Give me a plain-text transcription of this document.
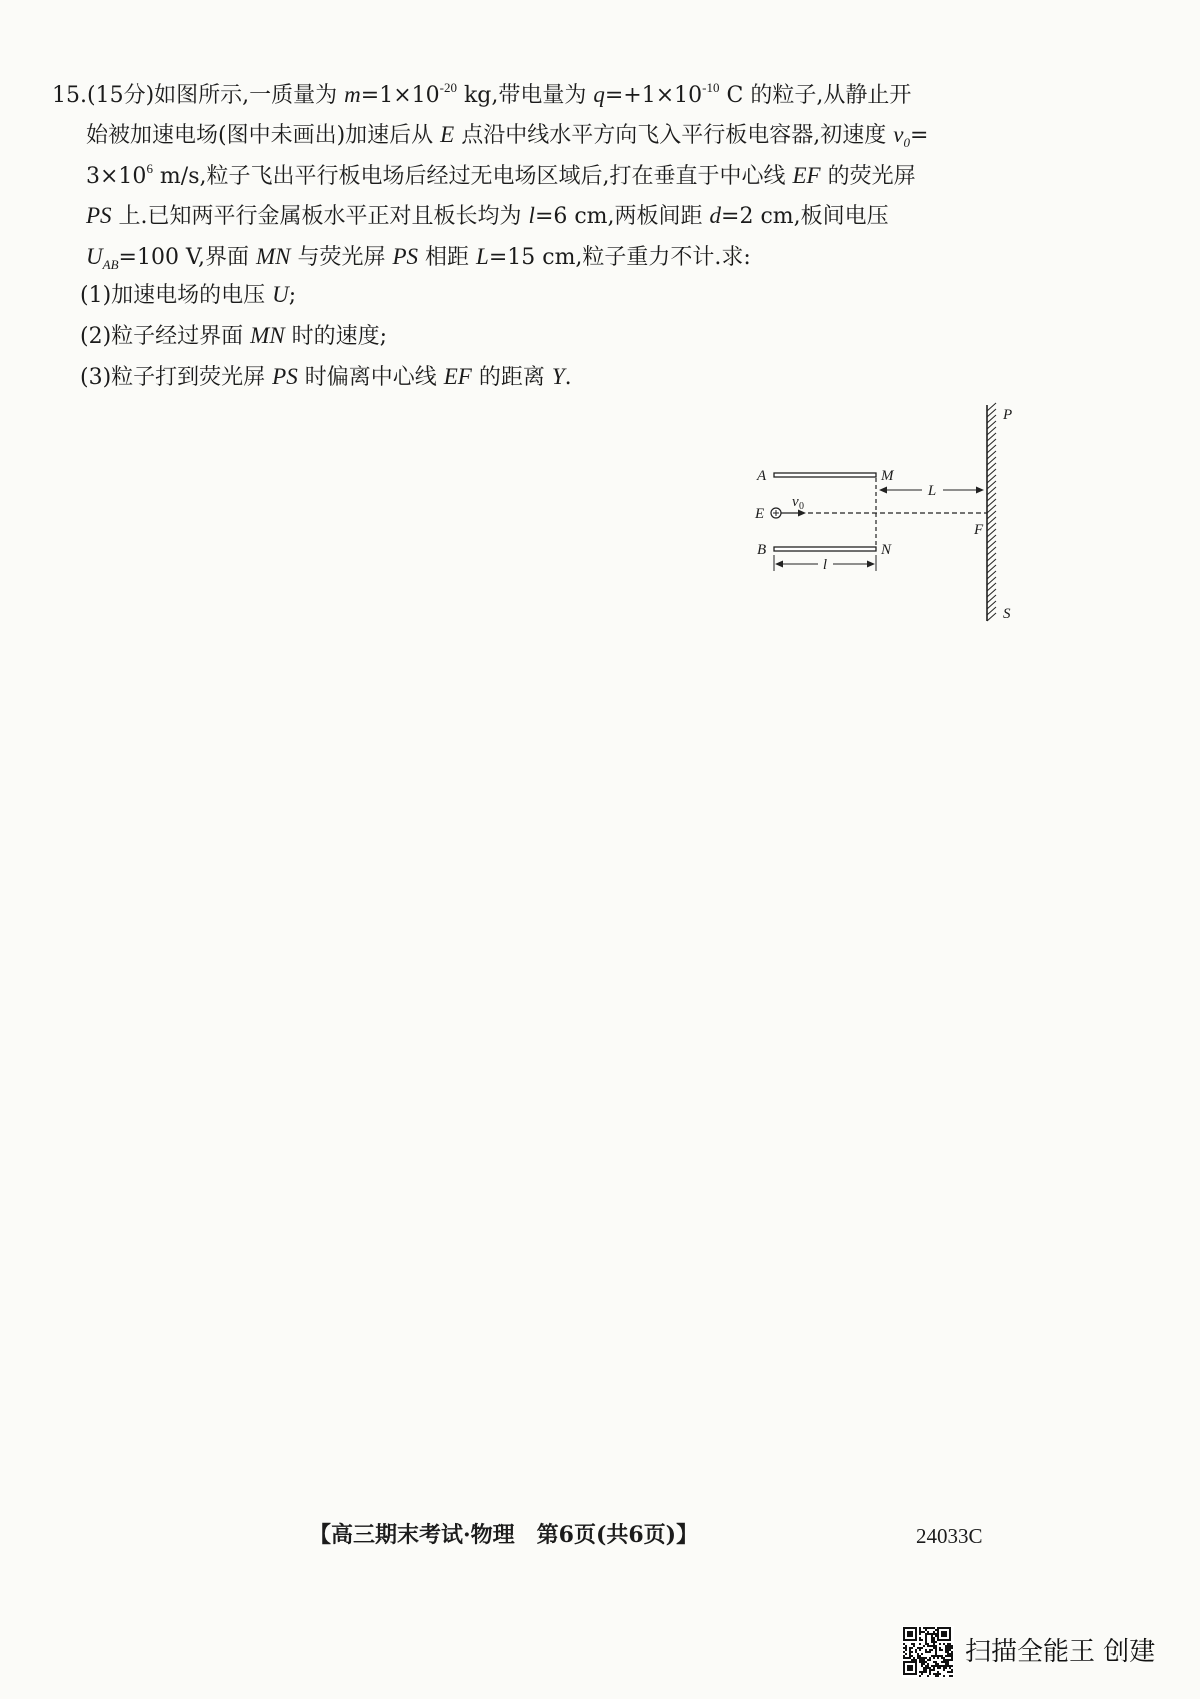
15.(15分)如图所示,一质量为 $m=1\times 10^{-20}$ kg,带电量为 $q=+1\times 10^{-10}$ C 的粒子,从静止开
始被加速电场(图中未画出)加速后从 E 点沿中线水平方向飞入平行板电容器,初速度 $v_0=$
$3\times 10^6$ m/s,粒子飞出平行板电场后经过无电场区域后,打在垂直于中心线 EF 的荧光屏
PS 上.已知两平行金属板水平正对且板长均为 l=6 cm,两板间距 d=2 cm,板间电压
$U_{AB}=100$ V,界面 MN 与荧光屏 PS 相距 L=15 cm,粒子重力不计.求:
(1)加速电场的电压 U;
(2)粒子经过界面 MN 时的速度;
(3)粒子打到荧光屏 PS 时偏离中心线 EF 的距离 Y.
A	M
B	N
E
v 0
L
l
P
S
F
【高三期末考试·物理　第6页(共6页)】	24033C
扫描全能王 创建
